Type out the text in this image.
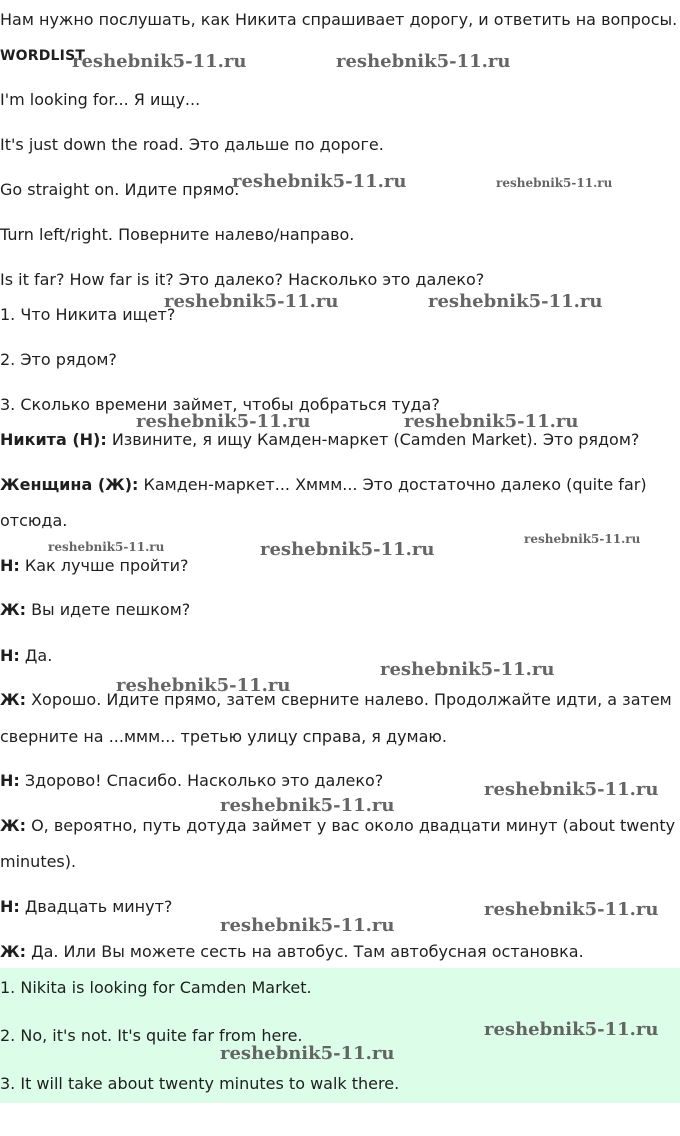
Нам нужно послушать, как Никита спрашивает дорогу, и ответить на вопросы.
WORDLIST
I'm looking for... Я ищу...
It's just down the road. Это дальше по дороге.
Go straight on. Идите прямо.
Turn left/right. Поверните налево/направо.
Is it far? How far is it? Это далеко? Насколько это далеко?
1. Что Никита ищет?
2. Это рядом?
3. Сколько времени займет, чтобы добраться туда?
Никита (Н): Извините, я ищу Камден-маркет (Camden Market). Это рядом?
Женщина (Ж): Камден-маркет... Хммм... Это достаточно далеко (quite far)
отсюда.
Н: Как лучше пройти?
Ж: Вы идете пешком?
Н: Да.
Ж: Хорошо. Идите прямо, затем сверните налево. Продолжайте идти, а затем
сверните на ...ммм... третью улицу справа, я думаю.
Н: Здорово! Спасибо. Насколько это далеко?
Ж: О, вероятно, путь дотуда займет у вас около двадцати минут (about twenty
minutes).
Н: Двадцать минут?
Ж: Да. Или Вы можете сесть на автобус. Там автобусная остановка.
1. Nikita is looking for Camden Market.
2. No, it's not. It's quite far from here.
3. It will take about twenty minutes to walk there.
reshebnik5-11.ru	reshebnik5-11.ru
reshebnik5-11.ru	reshebnik5-11.ru
reshebnik5-11.ru	reshebnik5-11.ru
reshebnik5-11.ru	reshebnik5-11.ru
reshebnik5-11.ru	reshebnik5-11.ru	reshebnik5-11.ru
reshebnik5-11.ru
reshebnik5-11.ru
reshebnik5-11.ru
reshebnik5-11.ru
reshebnik5-11.ru
reshebnik5-11.ru
reshebnik5-11.ru
reshebnik5-11.ru
